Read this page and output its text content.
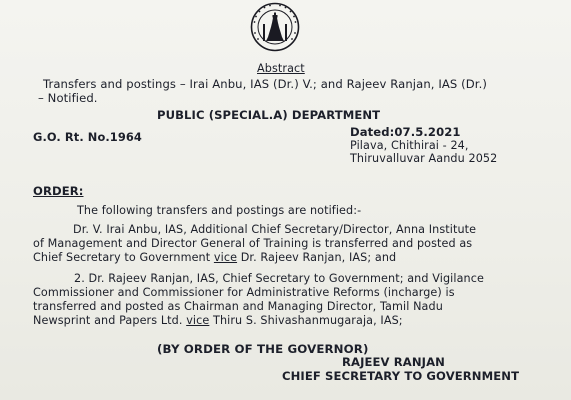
Abstract
Transfers and postings – Irai Anbu, IAS (Dr.) V.; and Rajeev Ranjan, IAS (Dr.)
– Notified.
PUBLIC (SPECIAL.A) DEPARTMENT
G.O. Rt. No.1964	Dated:07.5.2021
Pilava, Chithirai - 24,
Thiruvalluvar Aandu 2052
ORDER:
The following transfers and postings are notified:-
Dr. V. Irai Anbu, IAS, Additional Chief Secretary/Director, Anna Institute
of Management and Director General of Training is transferred and posted as
Chief Secretary to Government vice Dr. Rajeev Ranjan, IAS; and
2. Dr. Rajeev Ranjan, IAS, Chief Secretary to Government; and Vigilance
Commissioner and Commissioner for Administrative Reforms (incharge) is
transferred and posted as Chairman and Managing Director, Tamil Nadu
Newsprint and Papers Ltd. vice Thiru S. Shivashanmugaraja, IAS;
(BY ORDER OF THE GOVERNOR)
RAJEEV RANJAN
CHIEF SECRETARY TO GOVERNMENT
